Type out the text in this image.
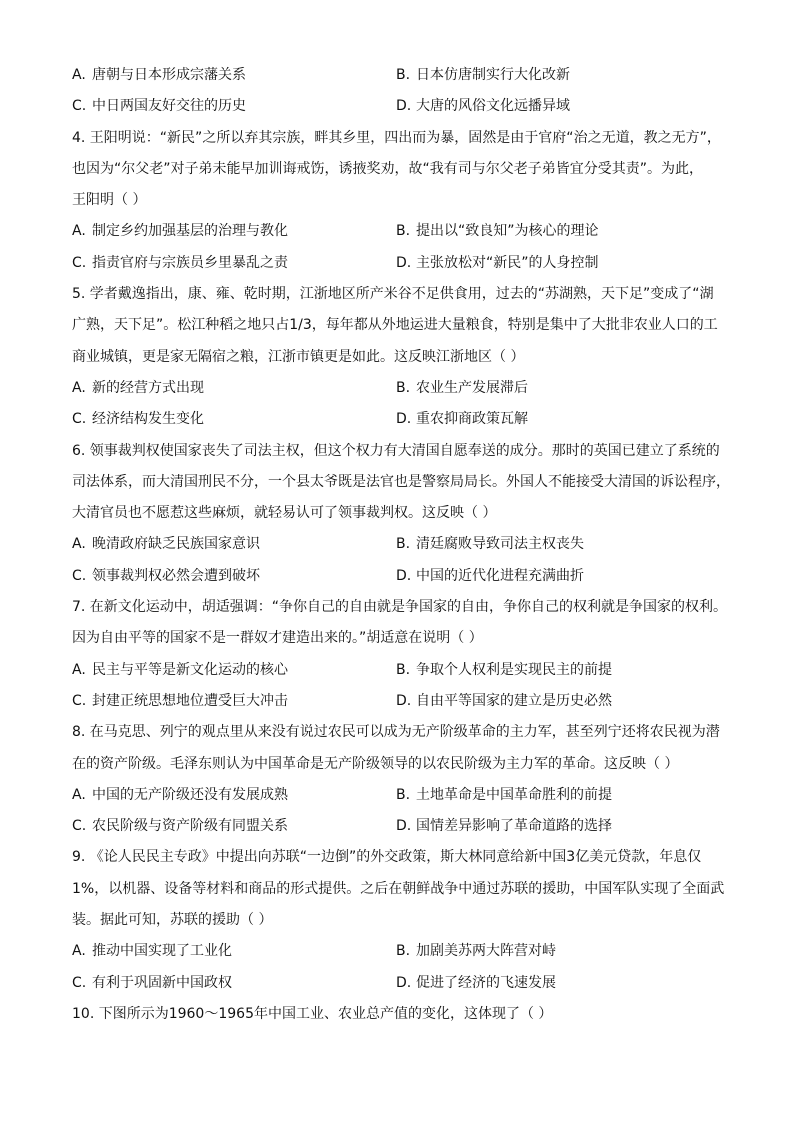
A. 唐朝与日本形成宗藩关系	B. 日本仿唐制实行大化改新
C. 中日两国友好交往的历史	D. 大唐的风俗文化远播异域
4. 王阳明说：“新民”之所以弃其宗族，畔其乡里，四出而为暴，固然是由于官府“治之无道，教之无方”，
也因为“尔父老”对子弟未能早加训诲戒饬，诱掖奖劝，故“我有司与尔父老子弟皆宜分受其责”。为此，
王阳明（ ）
A. 制定乡约加强基层的治理与教化	B. 提出以“致良知”为核心的理论
C. 指责官府与宗族员乡里暴乱之责	D. 主张放松对“新民”的人身控制
5. 学者戴逸指出，康、雍、乾时期，江浙地区所产米谷不足供食用，过去的“苏湖熟，天下足”变成了“湖
广熟，天下足”。松江种稻之地只占1/3，每年都从外地运进大量粮食，特别是集中了大批非农业人口的工
商业城镇，更是家无隔宿之粮，江浙市镇更是如此。这反映江浙地区（ ）
A. 新的经营方式出现	B. 农业生产发展滞后
C. 经济结构发生变化	D. 重农抑商政策瓦解
6. 领事裁判权使国家丧失了司法主权，但这个权力有大清国自愿奉送的成分。那时的英国已建立了系统的
司法体系，而大清国刑民不分，一个县太爷既是法官也是警察局局长。外国人不能接受大清国的诉讼程序，
大清官员也不愿惹这些麻烦，就轻易认可了领事裁判权。这反映（ ）
A. 晚清政府缺乏民族国家意识	B. 清廷腐败导致司法主权丧失
C. 领事裁判权必然会遭到破坏	D. 中国的近代化进程充满曲折
7. 在新文化运动中，胡适强调：“争你自己的自由就是争国家的自由，争你自己的权利就是争国家的权利。
因为自由平等的国家不是一群奴才建造出来的。”胡适意在说明（ ）
A. 民主与平等是新文化运动的核心	B. 争取个人权利是实现民主的前提
C. 封建正统思想地位遭受巨大冲击	D. 自由平等国家的建立是历史必然
8. 在马克思、列宁的观点里从来没有说过农民可以成为无产阶级革命的主力军，甚至列宁还将农民视为潜
在的资产阶级。毛泽东则认为中国革命是无产阶级领导的以农民阶级为主力军的革命。这反映（ ）
A. 中国的无产阶级还没有发展成熟	B. 土地革命是中国革命胜利的前提
C. 农民阶级与资产阶级有同盟关系	D. 国情差异影响了革命道路的选择
9. 《论人民民主专政》中提出向苏联“一边倒”的外交政策，斯大林同意给新中国3亿美元贷款，年息仅
1%，以机器、设备等材料和商品的形式提供。之后在朝鲜战争中通过苏联的援助，中国军队实现了全面武
装。据此可知，苏联的援助（ ）
A. 推动中国实现了工业化	B. 加剧美苏两大阵营对峙
C. 有利于巩固新中国政权	D. 促进了经济的飞速发展
10. 下图所示为1960～1965年中国工业、农业总产值的变化，这体现了（ ）
